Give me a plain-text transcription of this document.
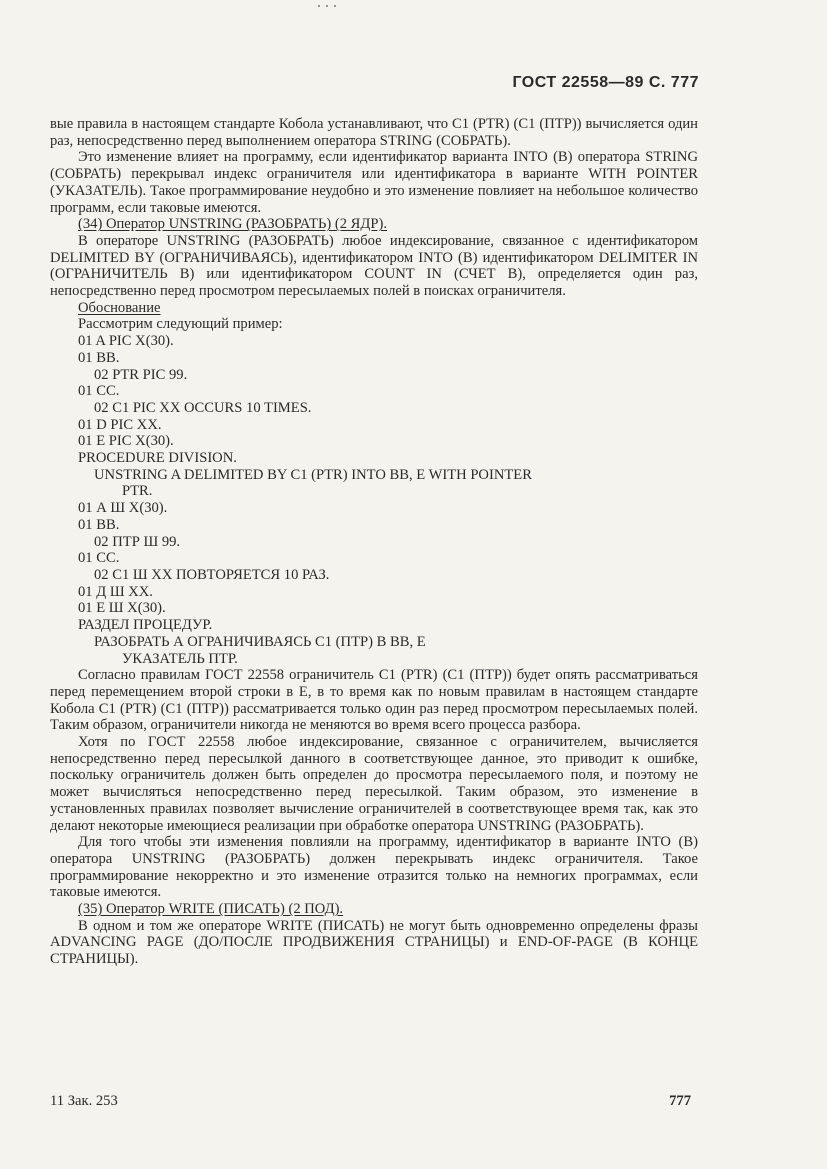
ГОСТ 22558—89 С. 777

вые правила в настоящем стандарте Кобола устанавливают, что С1 (PTR) (С1 (ПТР)) вычисляется один раз, непосредственно перед выполнением оператора STRING (СОБРАТЬ).

Это изменение влияет на программу, если идентификатор варианта INTO (В) оператора STRING (СОБРАТЬ) перекрывал индекс ограничителя или идентификатора в варианте WITH POINTER (УКАЗАТЕЛЬ). Такое программирование неудобно и это изменение повлияет на небольшое количество программ, если таковые имеются.

(34) Оператор UNSTRING (РАЗОБРАТЬ) (2 ЯДР).

В операторе UNSTRING (РАЗОБРАТЬ) любое индексирование, связанное с идентификатором DELIMITED BY (ОГРАНИЧИВАЯСЬ), идентификатором INTO (В) идентификатором DELIMITER IN (ОГРАНИЧИТЕЛЬ В) или идентификатором COUNT IN (СЧЕТ В), определяется один раз, непосредственно перед просмотром пересылаемых полей в поисках ограничителя.

Обоснование

Рассмотрим следующий пример:

01 A PIC X(30).
01 BB.
02 PTR PIC 99.
01 CC.
02 C1 PIC XX OCCURS 10 TIMES.
01 D PIC XX.
01 E PIC X(30).
PROCEDURE DIVISION.
UNSTRING A DELIMITED BY C1 (PTR) INTO BB, E WITH POINTER
PTR.
01 А Ш Х(30).
01 ВВ.
02 ПТР Ш 99.
01 СС.
02 С1 Ш ХХ ПОВТОРЯЕТСЯ 10 РАЗ.
01 Д Ш ХХ.
01 Е Ш Х(30).
РАЗДЕЛ ПРОЦЕДУР.
РАЗОБРАТЬ А ОГРАНИЧИВАЯСЬ С1 (ПТР) В ВВ, Е
УКАЗАТЕЛЬ ПТР.

Согласно правилам ГОСТ 22558 ограничитель С1 (PTR) (С1 (ПТР)) будет опять рассматриваться перед перемещением второй строки в Е, в то время как по новым правилам в настоящем стандарте Кобола С1 (PTR) (С1 (ПТР)) рассматривается только один раз перед просмотром пересылаемых полей. Таким образом, ограничители никогда не меняются во время всего процесса разбора.

Хотя по ГОСТ 22558 любое индексирование, связанное с ограничителем, вычисляется непосредственно перед пересылкой данного в соответствующее данное, это приводит к ошибке, поскольку ограничитель должен быть определен до просмотра пересылаемого поля, и поэтому не может вычисляться непосредственно перед пересылкой. Таким образом, это изменение в установленных правилах позволяет вычисление ограничителей в соответствующее время так, как это делают некоторые имеющиеся реализации при обработке оператора UNSTRING (РАЗОБРАТЬ).

Для того чтобы эти изменения повлияли на программу, идентификатор в варианте INTO (В) оператора UNSTRING (РАЗОБРАТЬ) должен перекрывать индекс ограничителя. Такое программирование некорректно и это изменение отразится только на немногих программах, если таковые имеются.

(35) Оператор WRITE (ПИСАТЬ) (2 ПОД).

В одном и том же операторе WRITE (ПИСАТЬ) не могут быть одновременно определены фразы ADVANCING PAGE (ДО/ПОСЛЕ ПРОДВИЖЕНИЯ СТРАНИЦЫ) и END-OF-PAGE (В КОНЦЕ СТРАНИЦЫ).

11 Зак. 253	777
